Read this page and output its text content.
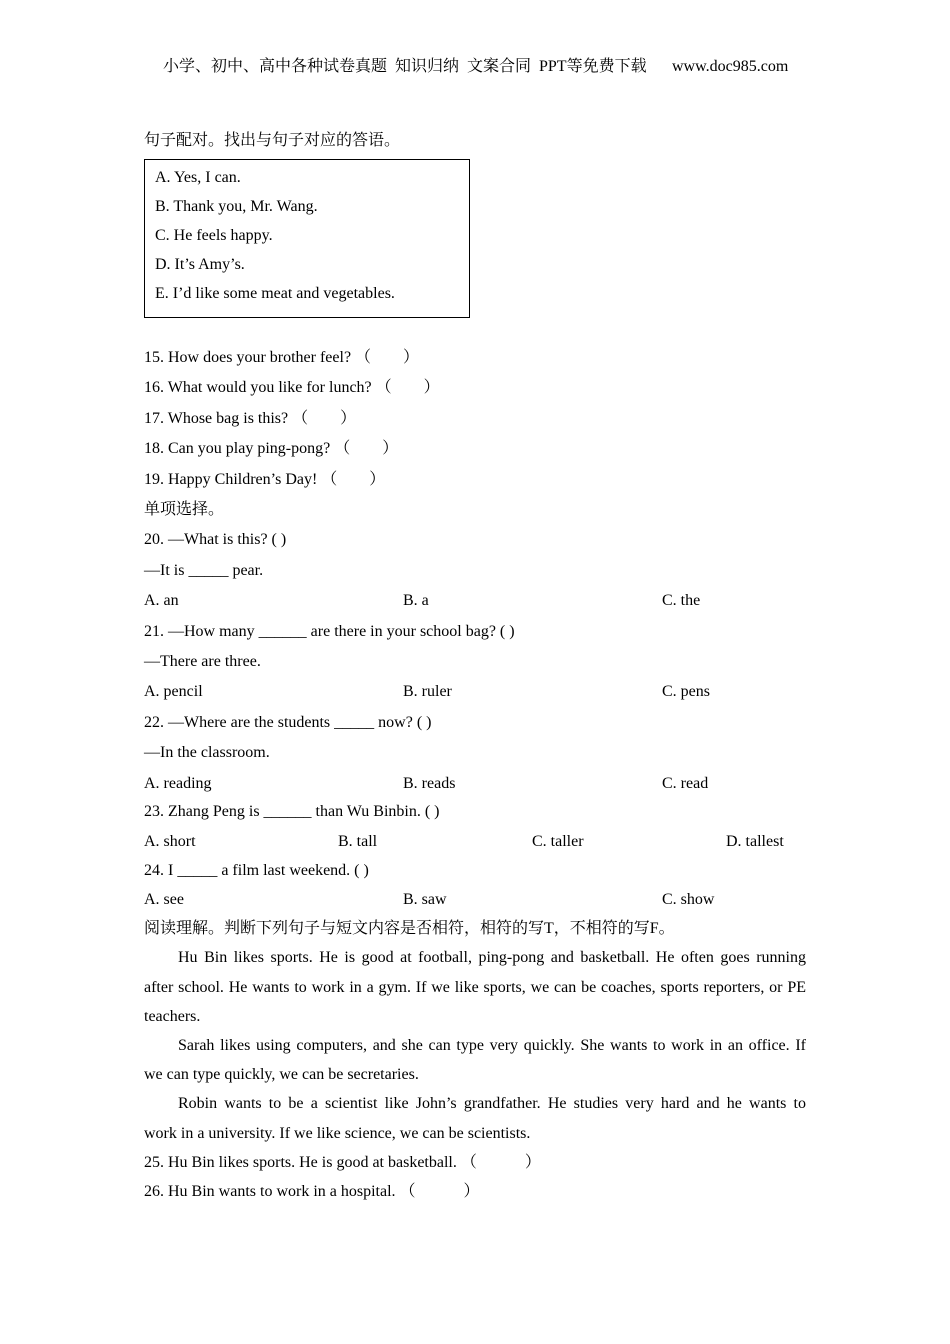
小学、初中、高中各种试卷真题  知识归纳  文案合同  PPT等免费下载 www.doc985.com
句子配对。找出与句子对应的答语。
A. Yes, I can.
B. Thank you, Mr. Wang.
C. He feels happy.
D. It’s Amy’s.
E. I’d like some meat and vegetables.
15. How does your brother feel? （　　）
16. What would you like for lunch? （　　）
17. Whose bag is this? （　　）
18. Can you play ping-pong? （　　）
19. Happy Children’s Day! （　　）
单项选择。
20. —What is this? ( )
—It is _____ pear.
A. an	B. a	C. the
21. —How many ______ are there in your school bag? ( )
—There are three.
A. pencil	B. ruler	C. pens
22. —Where are the students _____ now? ( )
—In the classroom.
A. reading	B. reads	C. read
23. Zhang Peng is ______ than Wu Binbin. ( )
A. short	B. tall	C. taller	D. tallest
24. I _____ a film last weekend. ( )
A. see	B. saw	C. show
阅读理解。判断下列句子与短文内容是否相符，相符的写T，不相符的写F。
Hu Bin likes sports. He is good at football, ping-pong and basketball. He often goes running
after school. He wants to work in a gym. If we like sports, we can be coaches, sports reporters, or PE
teachers.
Sarah likes using computers, and she can type very quickly. She wants to work in an office. If
we can type quickly, we can be secretaries.
Robin wants to be a scientist like John’s grandfather. He studies very hard and he wants to
work in a university. If we like science, we can be scientists.
25. Hu Bin likes sports. He is good at basketball. （　　　）
26. Hu Bin wants to work in a hospital. （　　　）
